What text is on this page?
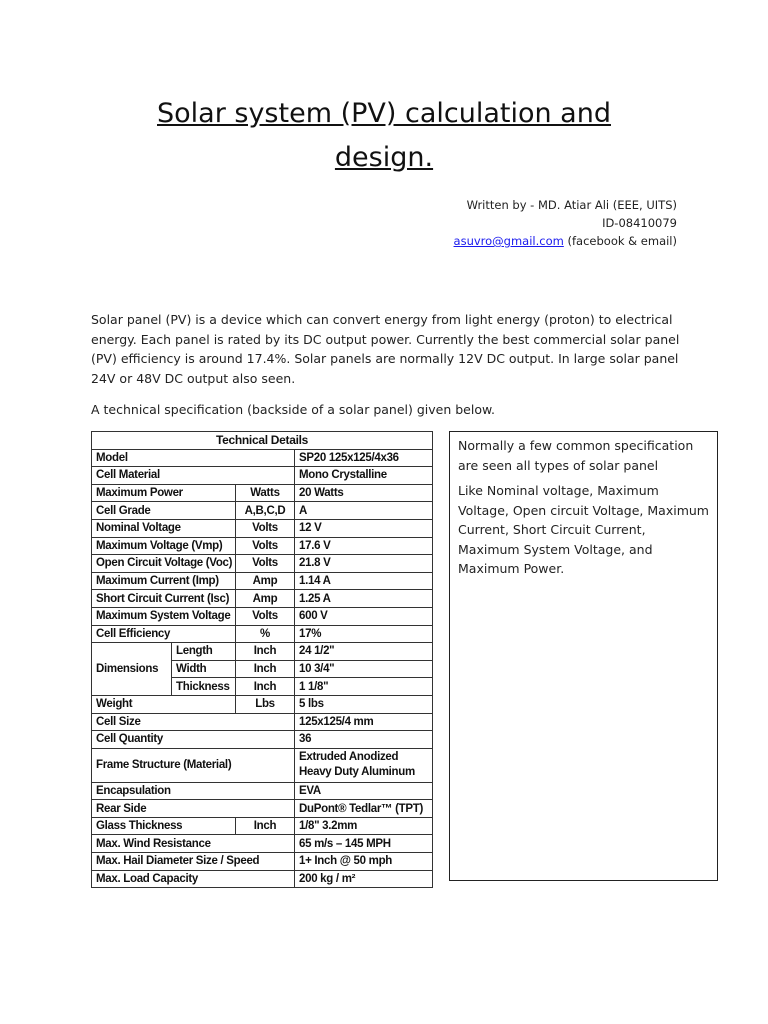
Solar system (PV) calculation and design.
Written by - MD. Atiar Ali (EEE, UITS)
ID-08410079
asuvro@gmail.com (facebook & email)
Solar panel (PV) is a device which can convert energy from light energy (proton) to electrical energy. Each panel is rated by its DC output power. Currently the best commercial solar panel (PV) efficiency is around 17.4%. Solar panels are normally 12V DC output. In large solar panel 24V or 48V DC output also seen.
A technical specification (backside of a solar panel) given below.
Technical Details			
Model			SP20 125x125/4x36
Cell Material			Mono Crystalline
Maximum Power		Watts	20 Watts
Cell Grade		A,B,C,D	A
Nominal Voltage		Volts	12 V
Maximum Voltage (Vmp)		Volts	17.6 V
Open Circuit Voltage (Voc)		Volts	21.8 V
Maximum Current (Imp)		Amp	1.14 A
Short Circuit Current (Isc)		Amp	1.25 A
Maximum System Voltage		Volts	600 V
Cell Efficiency		%	17%
Dimensions	Length	Inch	24 1/2"
	Width	Inch	10 3/4"
	Thickness	Inch	1 1/8"
Weight		Lbs	5 lbs
Cell Size			125x125/4 mm
Cell Quantity			36
Frame Structure (Material)			Extruded Anodized
Heavy Duty Aluminum

Encapsulation			EVA
Rear Side			DuPont® Tedlar™ (TPT)
Glass Thickness		Inch	1/8" 3.2mm
Max. Wind Resistance			65 m/s – 145 MPH
Max. Hail Diameter Size / Speed			1+ Inch @ 50 mph
Max. Load Capacity			200 kg / m²

Normally a few common specification are seen all types of solar panel

Like Nominal voltage, Maximum Voltage, Open circuit Voltage, Maximum Current, Short Circuit Current, Maximum System Voltage, and Maximum Power.
